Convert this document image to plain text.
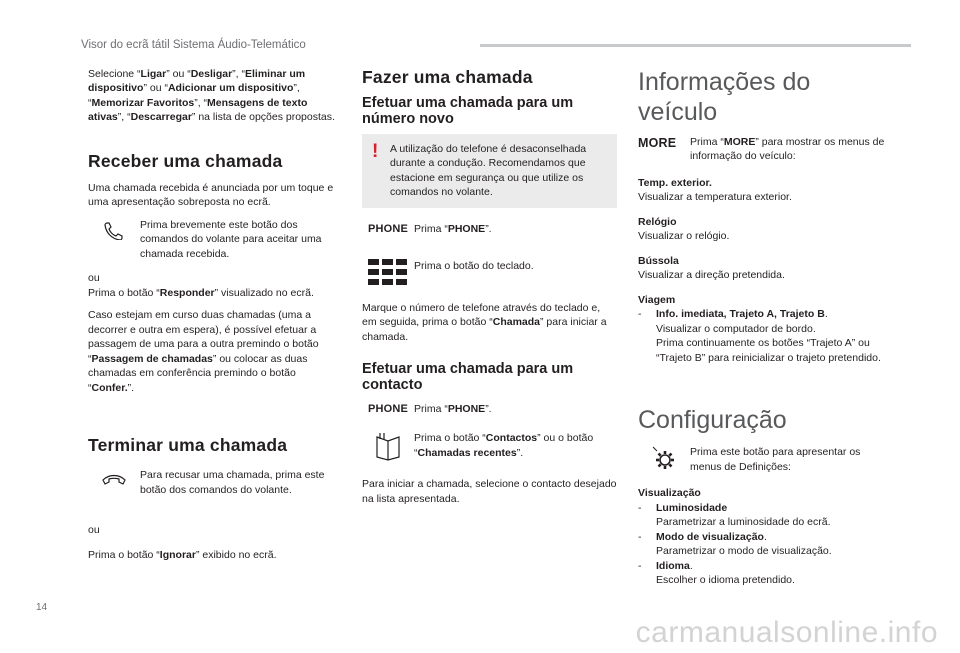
Visor do ecrã tátil Sistema Áudio-Telemático

Selecione “Ligar” ou “Desligar”, “Eliminar um dispositivo” ou “Adicionar um dispositivo”, “Memorizar Favoritos”, “Mensagens de texto ativas”, “Descarregar” na lista de opções propostas.

Receber uma chamada

Uma chamada recebida é anunciada por um toque e uma apresentação sobreposta no ecrã.

Prima brevemente este botão dos comandos do volante para aceitar uma chamada recebida.

ou

Prima o botão “Responder” visualizado no ecrã.

Caso estejam em curso duas chamadas (uma a decorrer e outra em espera), é possível efetuar a passagem de uma para a outra premindo o botão “Passagem de chamadas” ou colocar as duas chamadas em conferência premindo o botão “Confer.”.

Terminar uma chamada

Para recusar uma chamada, prima este botão dos comandos do volante.

ou

Prima o botão “Ignorar” exibido no ecrã.

Fazer uma chamada
Efetuar uma chamada para um número novo
! A utilização do telefone é desaconselhada durante a condução. Recomendamos que estacione em segurança ou que utilize os comandos no volante.

PHONE Prima “PHONE”.

Prima o botão do teclado.

Marque o número de telefone através do teclado e, em seguida, prima o botão “Chamada” para iniciar a chamada.

Efetuar uma chamada para um contacto
PHONE Prima “PHONE”.

Prima o botão “Contactos” ou o botão “Chamadas recentes”.

Para iniciar a chamada, selecione o contacto desejado na lista apresentada.

Informações do veículo
MORE Prima “MORE” para mostrar os menus de informação do veículo:

Temp. exterior.

Visualizar a temperatura exterior.

Relógio

Visualizar o relógio.

Bússola

Visualizar a direção pretendida.

Viagem

-	Info. imediata, Trajeto A, Trajeto B.

Visualizar o computador de bordo.

Prima continuamente os botões “Trajeto A” ou “Trajeto B” para reinicializar o trajeto pretendido.

Configuração

Prima este botão para apresentar os menus de Definições:

Visualização

-	Luminosidade

Parametrizar a luminosidade do ecrã.

-	Modo de visualização.

Parametrizar o modo de visualização.

-	Idioma.

Escolher o idioma pretendido.

14
carmanualsonline.info
